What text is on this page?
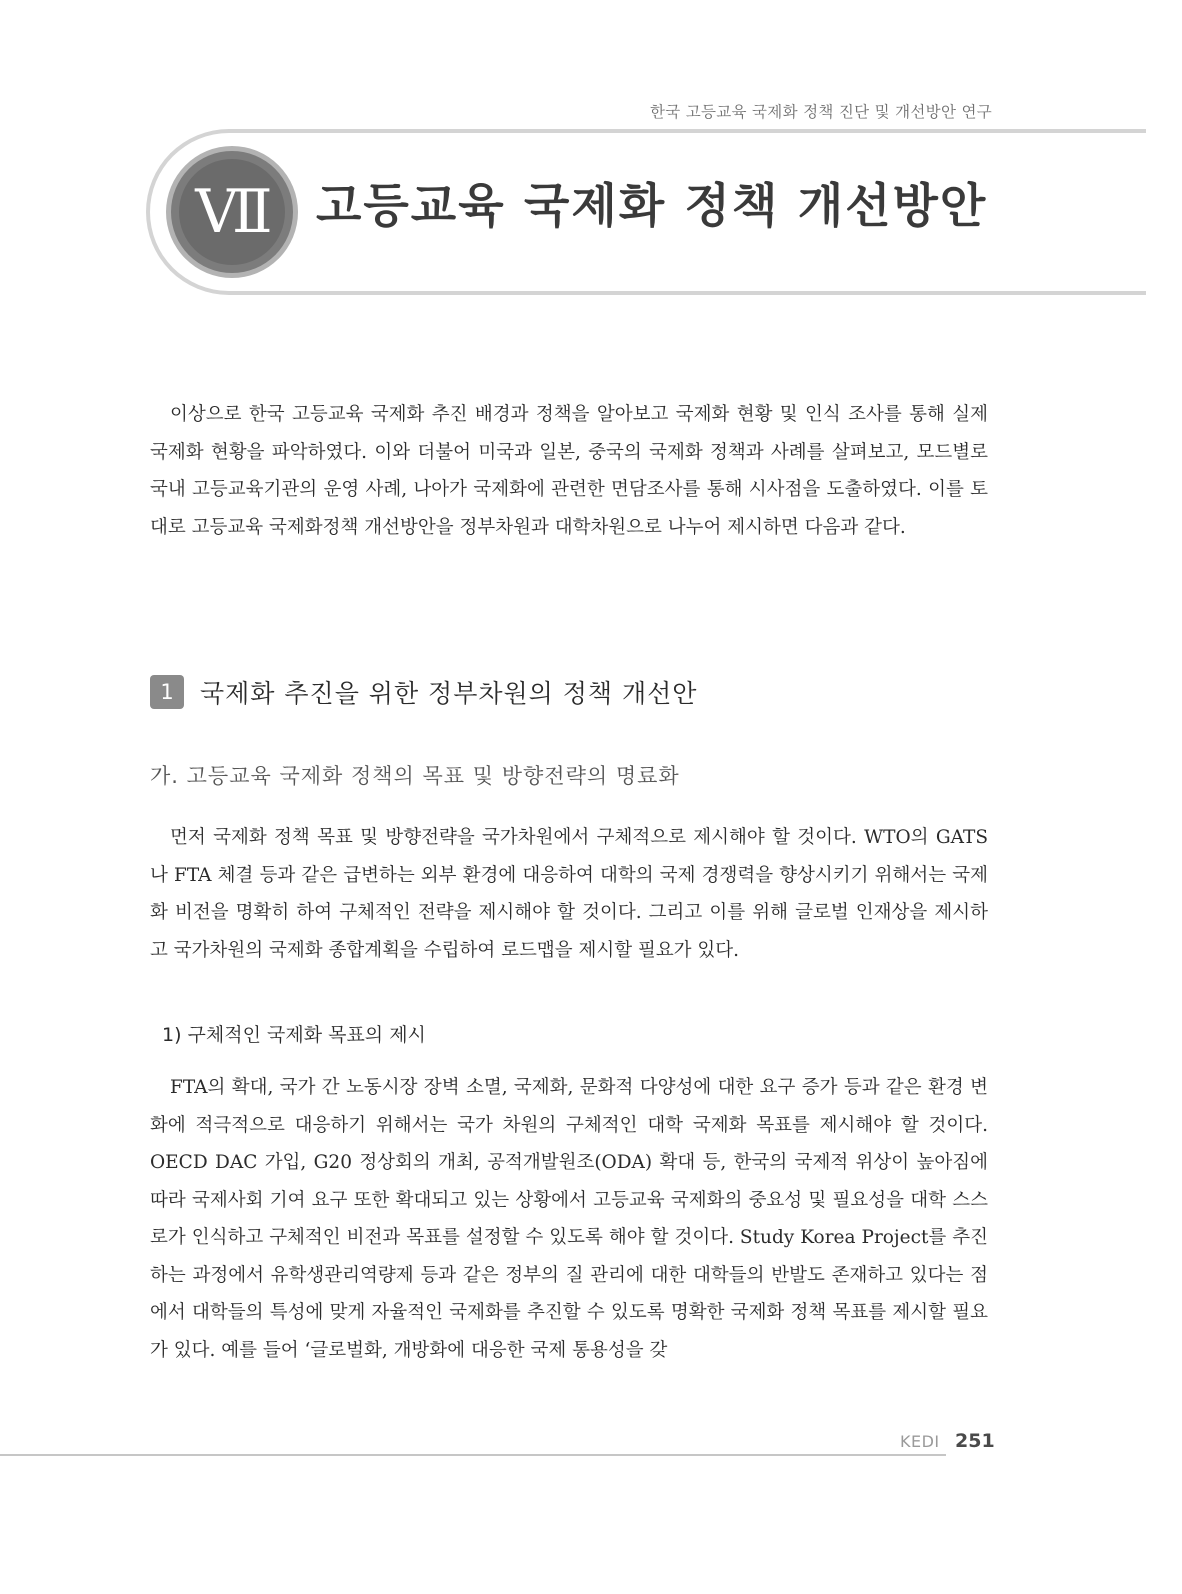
한국 고등교육 국제화 정책 진단 및 개선방안 연구
Ⅶ 고등교육 국제화 정책 개선방안

이상으로 한국 고등교육 국제화 추진 배경과 정책을 알아보고 국제화 현황 및 인식 조사를 통해 실제 국제화 현황을 파악하였다. 이와 더불어 미국과 일본, 중국의 국제화 정책과 사례를 살펴보고, 모드별로 국내 고등교육기관의 운영 사례, 나아가 국제화에 관련한 면담조사를 통해 시사점을 도출하였다. 이를 토대로 고등교육 국제화정책 개선방안을 정부차원과 대학차원으로 나누어 제시하면 다음과 같다.

1	국제화 추진을 위한 정부차원의 정책 개선안
가. 고등교육 국제화 정책의 목표 및 방향전략의 명료화

먼저 국제화 정책 목표 및 방향전략을 국가차원에서 구체적으로 제시해야 할 것이다. WTO의 GATS나 FTA 체결 등과 같은 급변하는 외부 환경에 대응하여 대학의 국제 경쟁력을 향상시키기 위해서는 국제화 비전을 명확히 하여 구체적인 전략을 제시해야 할 것이다. 그리고 이를 위해 글로벌 인재상을 제시하고 국가차원의 국제화 종합계획을 수립하여 로드맵을 제시할 필요가 있다.

1) 구체적인 국제화 목표의 제시

FTA의 확대, 국가 간 노동시장 장벽 소멸, 국제화, 문화적 다양성에 대한 요구 증가 등과 같은 환경 변화에 적극적으로 대응하기 위해서는 국가 차원의 구체적인 대학 국제화 목표를 제시해야 할 것이다. OECD DAC 가입, G20 정상회의 개최, 공적개발원조(ODA) 확대 등, 한국의 국제적 위상이 높아짐에 따라 국제사회 기여 요구 또한 확대되고 있는 상황에서 고등교육 국제화의 중요성 및 필요성을 대학 스스로가 인식하고 구체적인 비전과 목표를 설정할 수 있도록 해야 할 것이다. Study Korea Project를 추진하는 과정에서 유학생관리역량제 등과 같은 정부의 질 관리에 대한 대학들의 반발도 존재하고 있다는 점에서 대학들의 특성에 맞게 자율적인 국제화를 추진할 수 있도록 명확한 국제화 정책 목표를 제시할 필요가 있다. 예를 들어 ‘글로벌화, 개방화에 대응한 국제 통용성을 갖

KEDI 251
